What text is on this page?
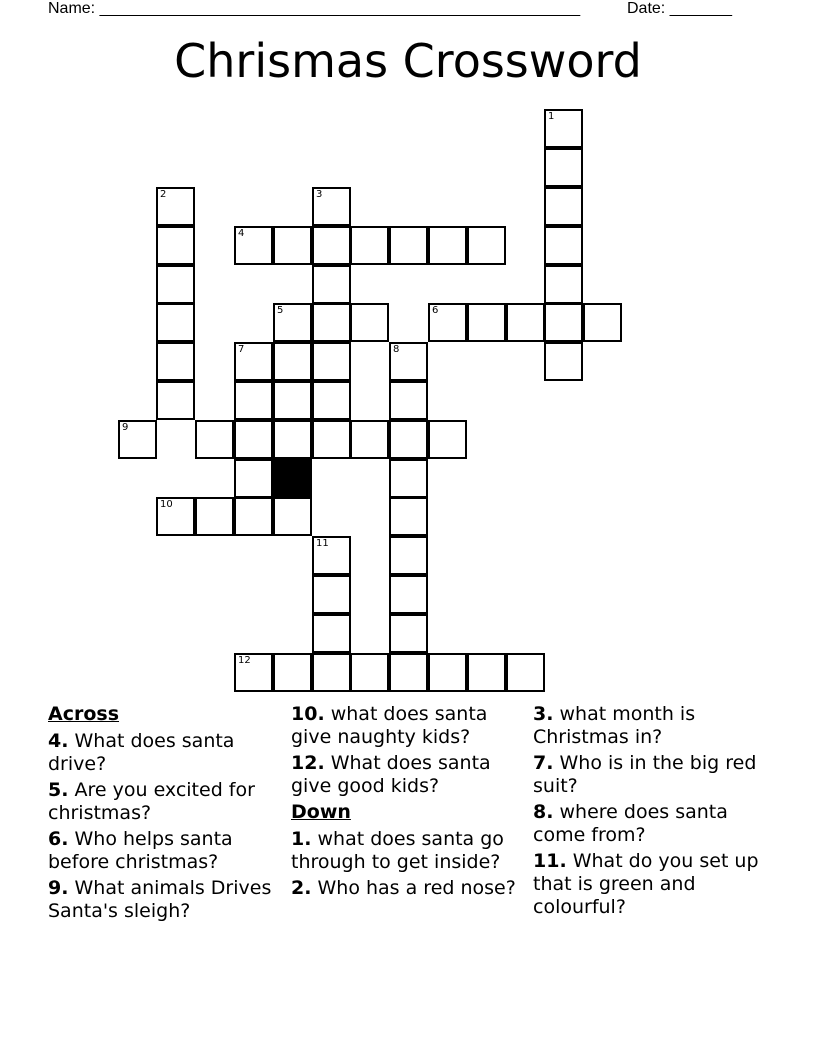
Name: ______________________________________________________	Date: _______
Chrismas Crossword
1
2	3
4
5	6
7	8
9
10
11
12
Across
4. What does santa drive?
5. Are you excited for christmas?
6. Who helps santa before christmas?
9. What animals Drives Santa's sleigh?
10. what does santa give naughty kids?
12. What does santa give good kids?
Down
1. what does santa go through to get inside?
2. Who has a red nose?
3. what month is Christmas in?
7. Who is in the big red suit?
8. where does santa come from?
11. What do you set up that is green and colourful?
